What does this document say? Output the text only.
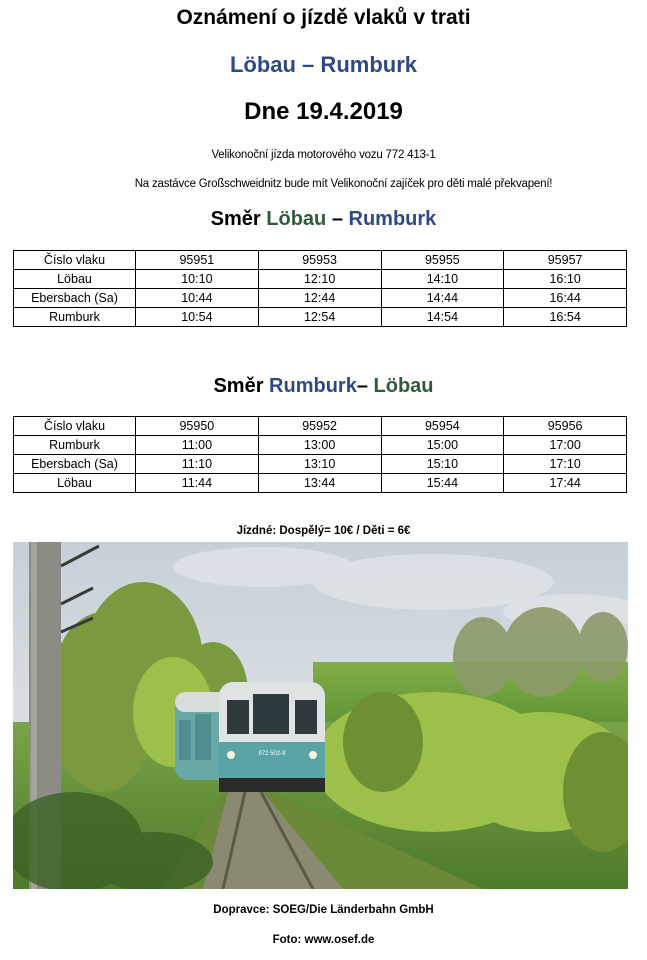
Oznámení o jízdě vlaků v trati
Löbau – Rumburk
Dne 19.4.2019
Velikonoční jízda motorového vozu 772 413-1
Na zastávce Großschweidnitz bude mít Velikonoční zajíček pro děti malé překvapení!
Směr Löbau – Rumburk
Číslo vlaku	95951	95953	95955	95957
Löbau	10:10	12:10	14:10	16:10
Ebersbach (Sa)	10:44	12:44	14:44	16:44
Rumburk	10:54	12:54	14:54	16:54
Směr Rumburk– Löbau
Číslo vlaku	95950	95952	95954	95956
Rumburk	11:00	13:00	15:00	17:00
Ebersbach (Sa)	11:10	13:10	15:10	17:10
Löbau	11:44	13:44	15:44	17:44
Jízdné: Dospělý= 10€ / Děti = 6€
972 502-9
Dopravce: SOEG/Die Länderbahn GmbH
Foto: www.osef.de
